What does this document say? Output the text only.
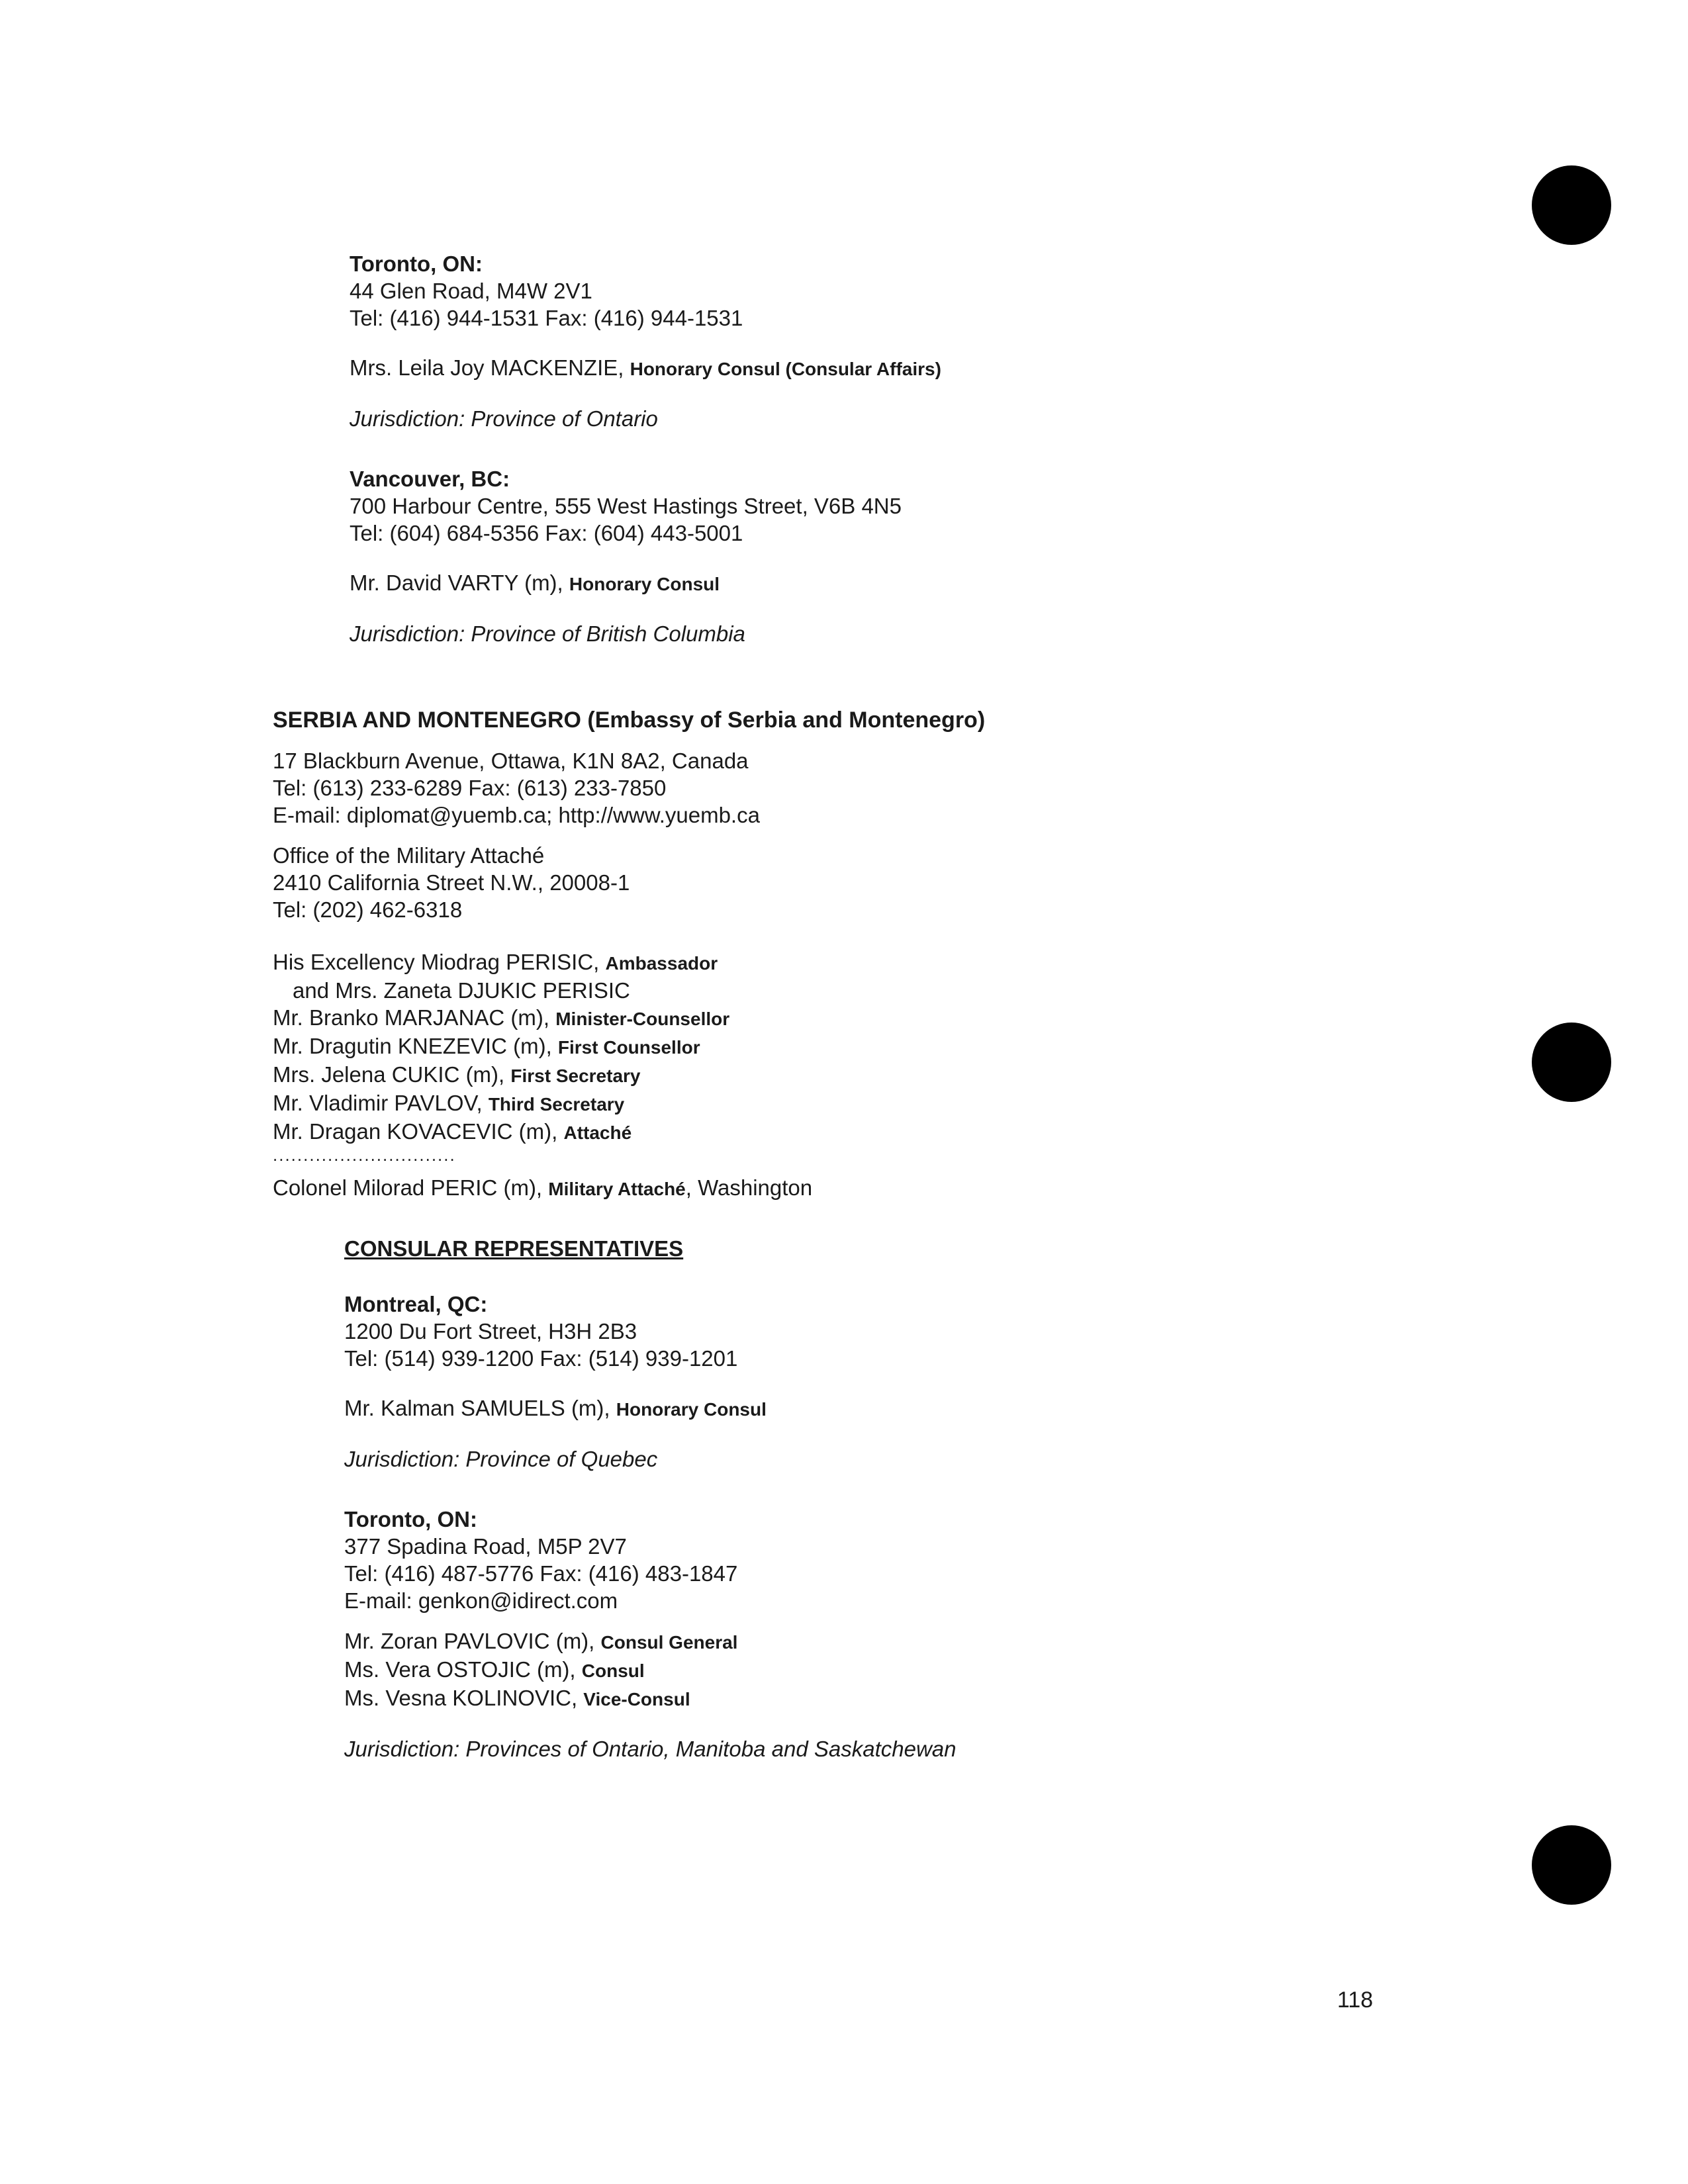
Toronto, ON:
44 Glen Road, M4W 2V1
Tel: (416) 944-1531 Fax: (416) 944-1531
Mrs. Leila Joy MACKENZIE, Honorary Consul (Consular Affairs)
Jurisdiction: Province of Ontario
Vancouver, BC:
700 Harbour Centre, 555 West Hastings Street, V6B 4N5
Tel: (604) 684-5356 Fax: (604) 443-5001
Mr. David VARTY (m), Honorary Consul
Jurisdiction: Province of British Columbia
SERBIA AND MONTENEGRO (Embassy of Serbia and Montenegro)
17 Blackburn Avenue, Ottawa, K1N 8A2, Canada
Tel: (613) 233-6289 Fax: (613) 233-7850
E-mail: diplomat@yuemb.ca; http://www.yuemb.ca
Office of the Military Attaché
2410 California Street N.W., 20008-1
Tel: (202) 462-6318
His Excellency Miodrag PERISIC, Ambassador
and Mrs. Zaneta DJUKIC PERISIC
Mr. Branko MARJANAC (m), Minister-Counsellor
Mr. Dragutin KNEZEVIC (m), First Counsellor
Mrs. Jelena CUKIC (m), First Secretary
Mr. Vladimir PAVLOV, Third Secretary
Mr. Dragan KOVACEVIC (m), Attaché
..............................
Colonel Milorad PERIC (m), Military Attaché, Washington
CONSULAR REPRESENTATIVES
Montreal, QC:
1200 Du Fort Street, H3H 2B3
Tel: (514) 939-1200 Fax: (514) 939-1201
Mr. Kalman SAMUELS (m), Honorary Consul
Jurisdiction: Province of Quebec
Toronto, ON:
377 Spadina Road, M5P 2V7
Tel: (416) 487-5776 Fax: (416) 483-1847
E-mail: genkon@idirect.com
Mr. Zoran PAVLOVIC (m), Consul General
Ms. Vera OSTOJIC (m), Consul
Ms. Vesna KOLINOVIC, Vice-Consul
Jurisdiction: Provinces of Ontario, Manitoba and Saskatchewan
118
